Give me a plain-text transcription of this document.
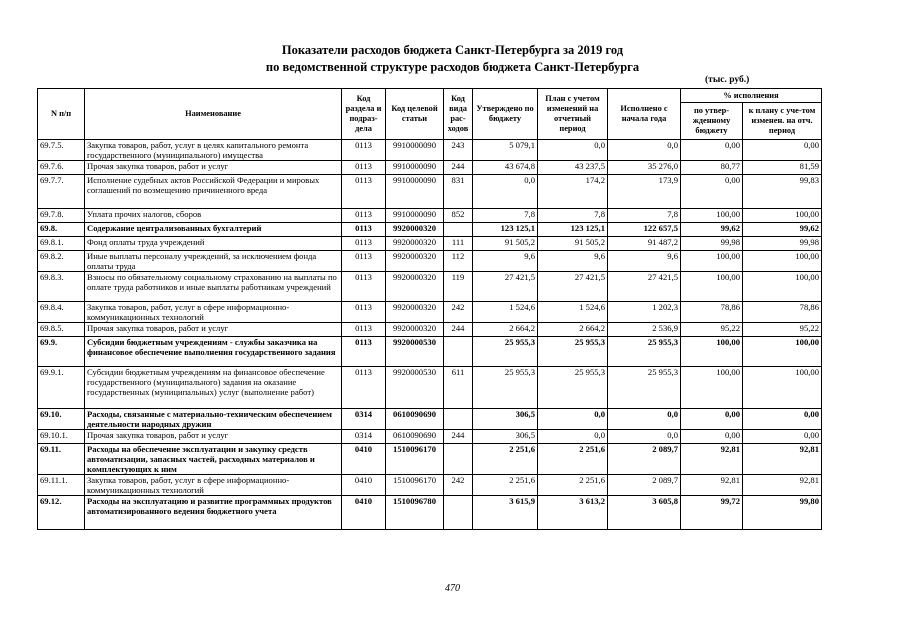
Показатели расходов бюджета Санкт-Петербурга за 2019 год
по ведомственной структуре расходов бюджета Санкт-Петербурга
(тыс. руб.)
N п/п	Наименование	Код раздела и подраз-дела	Код целевой статьи	Код вида рас-ходов	Утверждено по бюджету	План с учетом изменений на отчетный период	Исполнено с начала года	% исполнения	
								по утвер-жденному бюджету	к плану с уче-том изменен. на отч. период
69.7.5.	Закупка товаров, работ, услуг в целях капитального ремонта государственного (муниципального) имущества	0113	9910000090	243	5 079,1	0,0	0,0	0,00	0,00
69.7.6.	Прочая закупка товаров, работ и услуг	0113	9910000090	244	43 674,8	43 237,5	35 276,0	80,77	81,59
69.7.7.	Исполнение судебных актов Российской Федерации и мировых соглашений по возмещению причиненного вреда	0113	9910000090	831	0,0	174,2	173,9	0,00	99,83
69.7.8.	Уплата прочих налогов, сборов	0113	9910000090	852	7,8	7,8	7,8	100,00	100,00
69.8.	Содержание централизованных бухгалтерий	0113	9920000320		123 125,1	123 125,1	122 657,5	99,62	99,62
69.8.1.	Фонд оплаты труда учреждений	0113	9920000320	111	91 505,2	91 505,2	91 487,2	99,98	99,98
69.8.2.	Иные выплаты персоналу учреждений, за исключением фонда оплаты труда	0113	9920000320	112	9,6	9,6	9,6	100,00	100,00
69.8.3.	Взносы по обязательному социальному страхованию на выплаты по оплате труда работников и иные выплаты работникам учреждений	0113	9920000320	119	27 421,5	27 421,5	27 421,5	100,00	100,00
69.8.4.	Закупка товаров, работ, услуг в сфере информационно-коммуникационных технологий	0113	9920000320	242	1 524,6	1 524,6	1 202,3	78,86	78,86
69.8.5.	Прочая закупка товаров, работ и услуг	0113	9920000320	244	2 664,2	2 664,2	2 536,9	95,22	95,22
69.9.	Субсидии бюджетным учреждениям - службы заказчика на финансовое обеспечение выполнения государственного задания	0113	9920000530		25 955,3	25 955,3	25 955,3	100,00	100,00
69.9.1.	Субсидии бюджетным учреждениям на финансовое обеспечение государственного (муниципального) задания на оказание государственных (муниципальных) услуг (выполнение работ)	0113	9920000530	611	25 955,3	25 955,3	25 955,3	100,00	100,00
69.10.	Расходы, связанные с материально-техническим обеспечением деятельности народных дружин	0314	0610090690		306,5	0,0	0,0	0,00	0,00
69.10.1.	Прочая закупка товаров, работ и услуг	0314	0610090690	244	306,5	0,0	0,0	0,00	0,00
69.11.	Расходы на обеспечение эксплуатации и закупку средств автоматизации, запасных частей, расходных материалов и комплектующих к ним	0410	1510096170		2 251,6	2 251,6	2 089,7	92,81	92,81
69.11.1.	Закупка товаров, работ, услуг в сфере информационно-коммуникационных технологий	0410	1510096170	242	2 251,6	2 251,6	2 089,7	92,81	92,81
69.12.	Расходы на эксплуатацию и развитие программных продуктов автоматизированного ведения бюджетного учета	0410	1510096780		3 615,9	3 613,2	3 605,8	99,72	99,80
470
